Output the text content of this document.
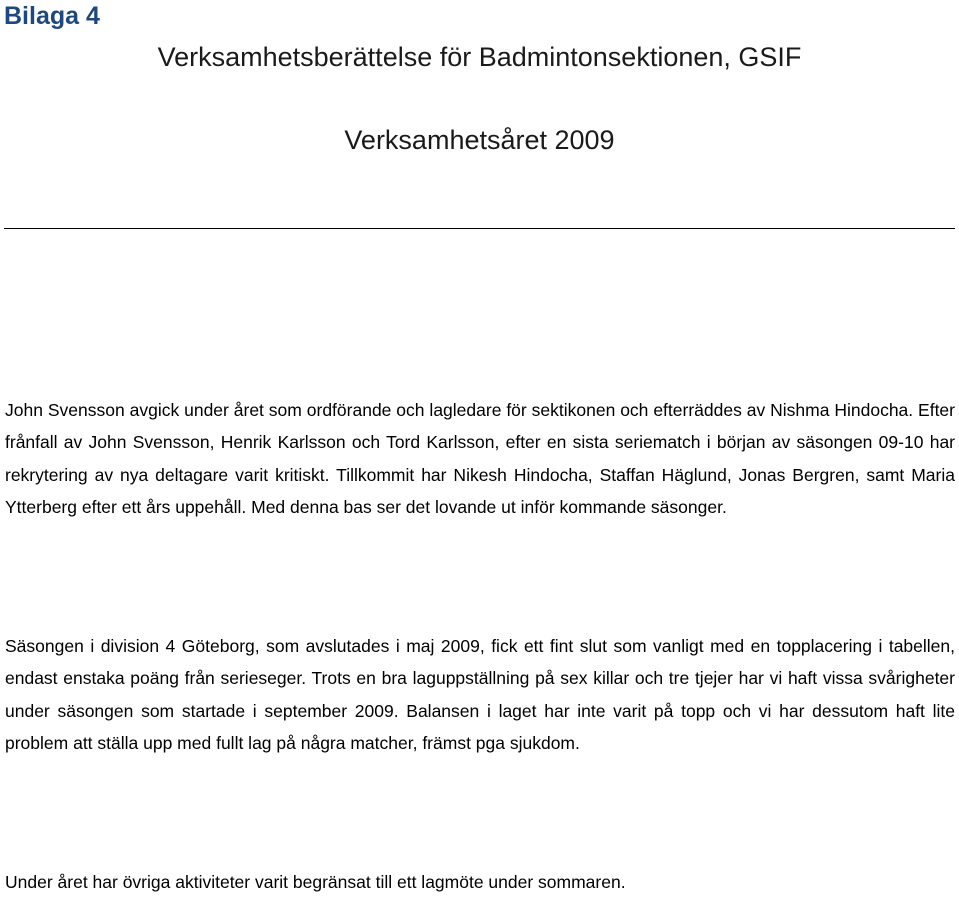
Bilaga 4
Verksamhetsberättelse för Badmintonsektionen, GSIF
Verksamhetsåret 2009

John Svensson avgick under året som ordförande och lagledare för sektikonen och efterräddes av Nishma Hindocha. Efter frånfall av John Svensson, Henrik Karlsson och Tord Karlsson, efter en sista seriematch i början av säsongen 09-10 har rekrytering av nya deltagare varit kritiskt. Tillkommit har Nikesh Hindocha, Staffan Häglund, Jonas Bergren, samt Maria Ytterberg efter ett års uppehåll. Med denna bas ser det lovande ut inför kommande säsonger.

Säsongen i division 4 Göteborg, som avslutades i maj 2009, fick ett fint slut som vanligt med en topplacering i tabellen, endast enstaka poäng från serieseger. Trots en bra laguppställning på sex killar och tre tjejer har vi haft vissa svårigheter under säsongen som startade i september 2009. Balansen i laget har inte varit på topp och vi har dessutom haft lite problem att ställa upp med fullt lag på några matcher, främst pga sjukdom.

Under året har övriga aktiviteter varit begränsat till ett lagmöte under sommaren.
